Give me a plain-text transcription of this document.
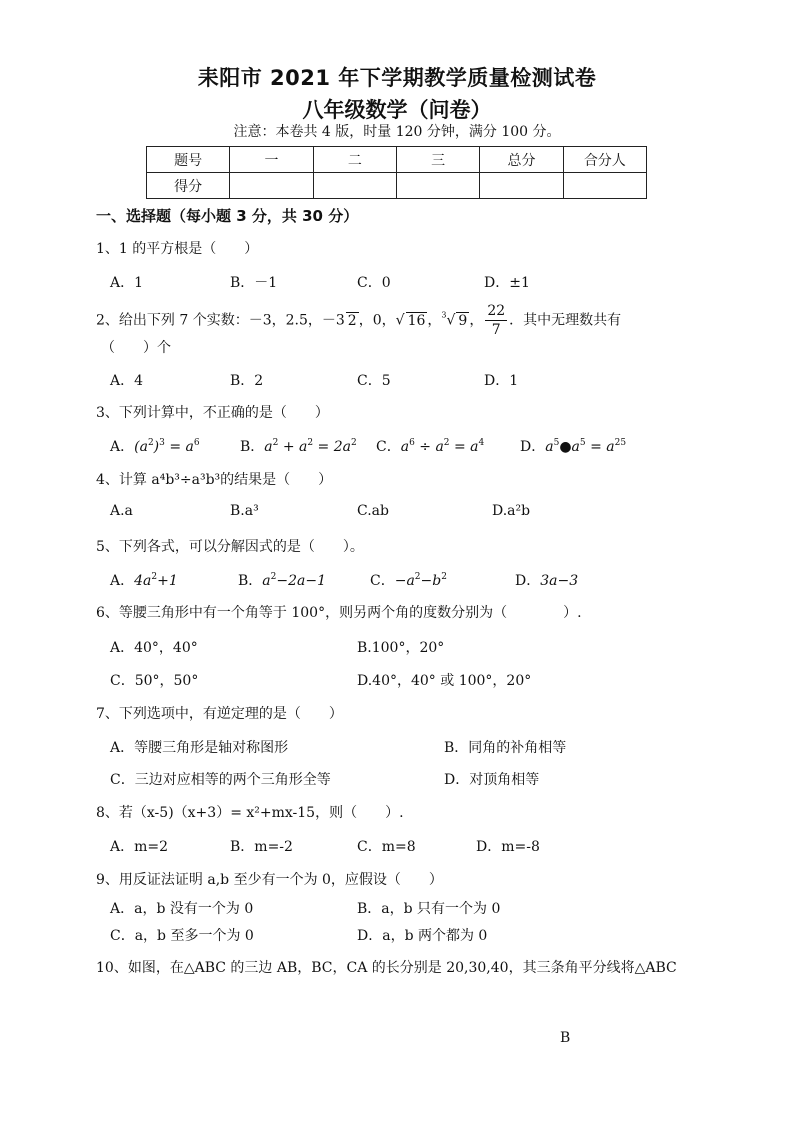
耒阳市 2021 年下学期教学质量检测试卷
八年级数学（问卷）
注意：本卷共 4 版，时量 120 分钟，满分 100 分。
题号	一	二	三	总分	合分人
得分					
一、选择题（每小题 3 分，共 30 分）
1、1 的平方根是（　　）
A．1	B．－1	C．0	D．±1
2、给出下列 7 个实数：－3，2.5，－3 2 ，0，√ 16 ，$^3$√ 9 ， $\frac{22}{7}$ ．其中无理数共有
（　　）个
A．4	B．2	C．5	D．1
3、下列计算中，不正确的是（　　）
A．$(a^2)^3 = a^6$	B．$a^2 + a^2 = 2a^2$ C．$a^6 \div a^2 = a^4$	D．$a^5●a^5 = a^{25}$
4、计算 a⁴b³÷a³b³的结果是（　　）
A.a	B.a³	C.ab	D.a²b
5、下列各式，可以分解因式的是（　　）。
A．$4a^2+1$	B．$a^2-2a-1$	C．$-a^2-b^2$	D．3a−3
6、等腰三角形中有一个角等于 100°，则另两个角的度数分别为（　　　　）.
A．40°，40°	B.100°，20°
C．50°，50°	D.40°，40° 或 100°，20°
7、下列选项中，有逆定理的是（　　）
A．等腰三角形是轴对称图形	B．同角的补角相等
C．三边对应相等的两个三角形全等	D．对顶角相等
8、若（x-5)（x+3）= x²+mx-15，则（　　）.
A．m=2	B．m=-2	C．m=8	D．m=-8
9、用反证法证明 a,b 至少有一个为 0，应假设（　　）
A．a，b 没有一个为 0	B．a，b 只有一个为 0
C．a，b 至多一个为 0	D．a，b 两个都为 0
10、如图，在△ABC 的三边 AB，BC，CA 的长分别是 20,30,40，其三条角平分线将△ABC
B
